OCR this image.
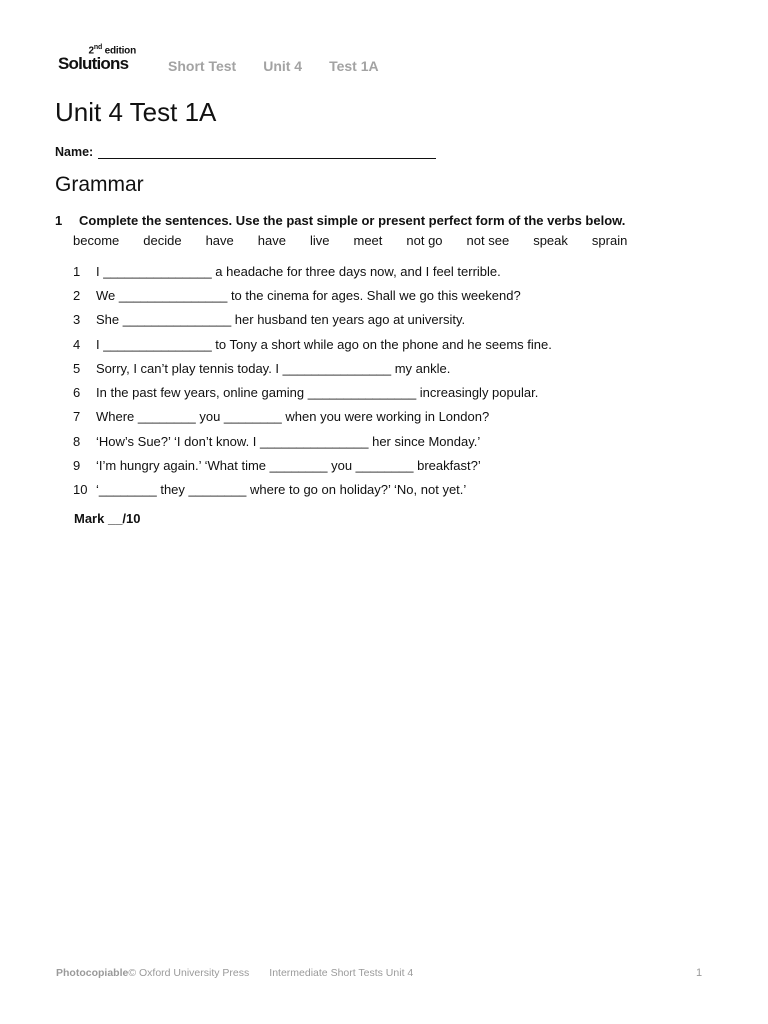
2nd edition
Solutions	Short Test Unit 4 Test 1A
Unit 4 Test 1A
Name:
Grammar
1	Complete the sentences. Use the past simple or present perfect form of the verbs below.
become decide have have live meet not go not see speak sprain
1	I _______________ a headache for three days now, and I feel terrible.
2	We _______________ to the cinema for ages. Shall we go this weekend?
3	She _______________ her husband ten years ago at university.
4	I _______________ to Tony a short while ago on the phone and he seems fine.
5	Sorry, I can’t play tennis today. I _______________ my ankle.
6	In the past few years, online gaming _______________ increasingly popular.
7	Where ________ you ________ when you were working in London?
8	‘How’s Sue?’ ‘I don’t know. I _______________ her since Monday.’
9	‘I’m hungry again.’ ‘What time ________ you ________ breakfast?’
10 ‘________ they ________ where to go on holiday?’ ‘No, not yet.’
Mark __/10
Photocopiable © Oxford University Press Intermediate Short Tests Unit 4	1
